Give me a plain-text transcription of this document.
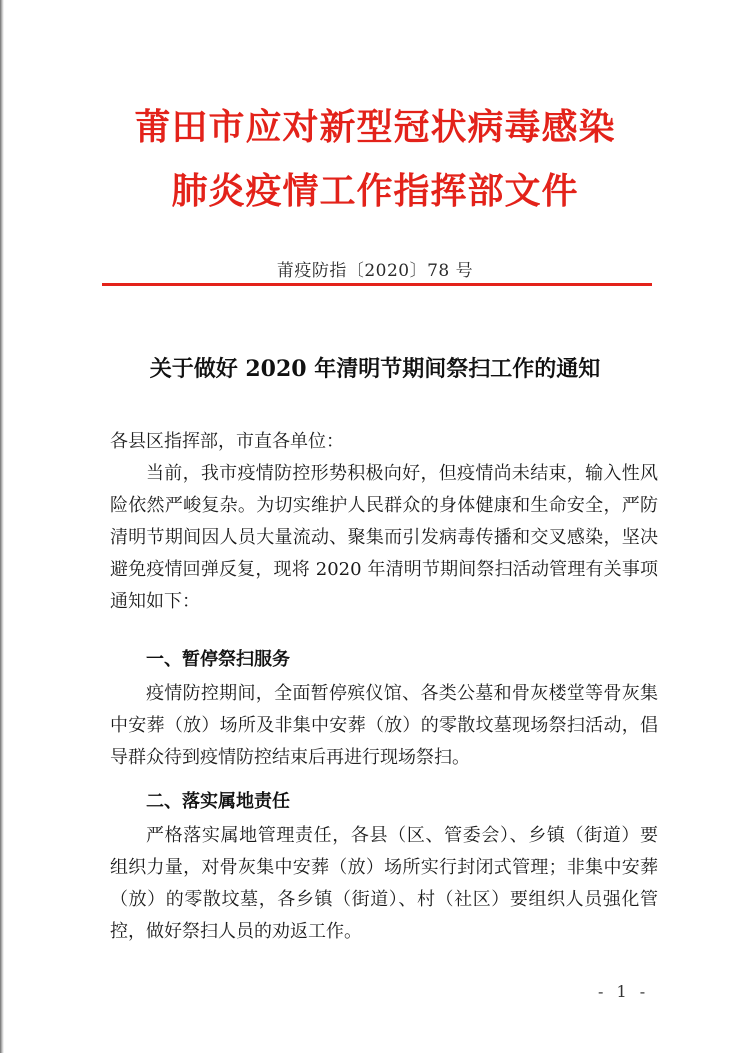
莆田市应对新型冠状病毒感染
肺炎疫情工作指挥部文件
莆疫防指〔2020〕78 号
关于做好 2020 年清明节期间祭扫工作的通知

各县区指挥部，市直各单位：

当前，我市疫情防控形势积极向好，但疫情尚未结束，输入性风险依然严峻复杂。为切实维护人民群众的身体健康和生命安全，严防清明节期间因人员大量流动、聚集而引发病毒传播和交叉感染，坚决避免疫情回弹反复，现将 2020 年清明节期间祭扫活动管理有关事项通知如下：

一、暂停祭扫服务

疫情防控期间，全面暂停殡仪馆、各类公墓和骨灰楼堂等骨灰集中安葬（放）场所及非集中安葬（放）的零散坟墓现场祭扫活动，倡导群众待到疫情防控结束后再进行现场祭扫。

二、落实属地责任

严格落实属地管理责任，各县（区、管委会）、乡镇（街道）要组织力量，对骨灰集中安葬（放）场所实行封闭式管理；非集中安葬（放）的零散坟墓，各乡镇（街道）、村（社区）要组织人员强化管控，做好祭扫人员的劝返工作。

- 1 -
